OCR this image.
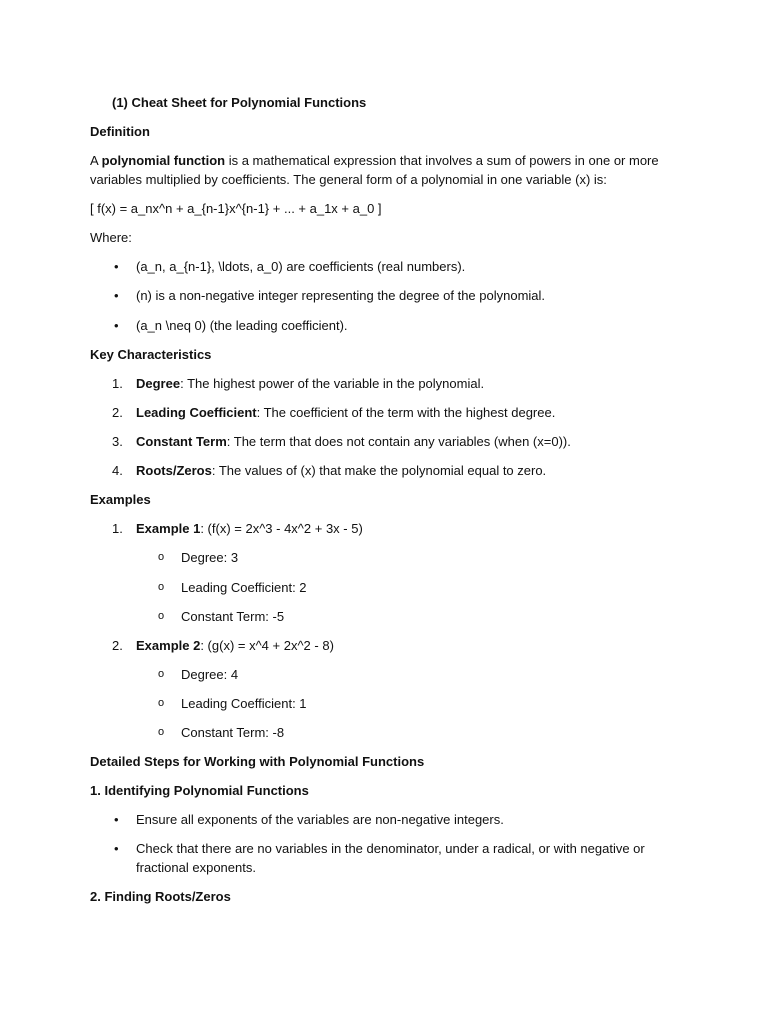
(1) Cheat Sheet for Polynomial Functions
Definition
A polynomial function is a mathematical expression that involves a sum of powers in one or more
variables multiplied by coefficients. The general form of a polynomial in one variable (x) is:
[ f(x) = a_nx^n + a_{n-1}x^{n-1} + ... + a_1x + a_0 ]
Where:
• (a_n, a_{n-1}, \ldots, a_0) are coefficients (real numbers).
• (n) is a non-negative integer representing the degree of the polynomial.
• (a_n \neq 0) (the leading coefficient).
Key Characteristics
1. Degree: The highest power of the variable in the polynomial.
2. Leading Coefficient: The coefficient of the term with the highest degree.
3. Constant Term: The term that does not contain any variables (when (x=0)).
4. Roots/Zeros: The values of (x) that make the polynomial equal to zero.
Examples
1. Example 1: (f(x) = 2x^3 - 4x^2 + 3x - 5)
o Degree: 3
o Leading Coefficient: 2
o Constant Term: -5
2. Example 2: (g(x) = x^4 + 2x^2 - 8)
o Degree: 4
o Leading Coefficient: 1
o Constant Term: -8
Detailed Steps for Working with Polynomial Functions
1. Identifying Polynomial Functions
• Ensure all exponents of the variables are non-negative integers.
• Check that there are no variables in the denominator, under a radical, or with negative or fractional exponents.
2. Finding Roots/Zeros
